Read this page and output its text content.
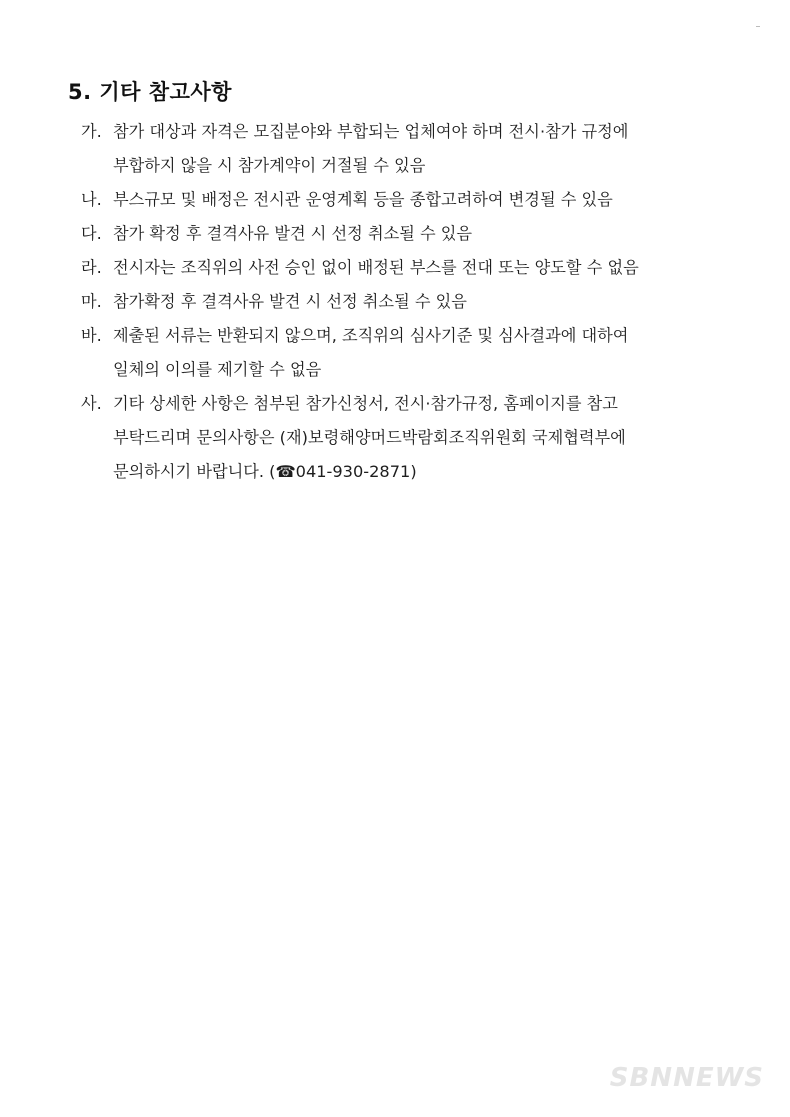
5. 기타 참고사항
가. 참가 대상과 자격은 모집분야와 부합되는 업체여야 하며 전시·참가 규정에
부합하지 않을 시 참가계약이 거절될 수 있음
나. 부스규모 및 배정은 전시관 운영계획 등을 종합고려하여 변경될 수 있음
다. 참가 확정 후 결격사유 발견 시 선정 취소될 수 있음
라. 전시자는 조직위의 사전 승인 없이 배정된 부스를 전대 또는 양도할 수 없음
마. 참가확정 후 결격사유 발견 시 선정 취소될 수 있음
바. 제출된 서류는 반환되지 않으며, 조직위의 심사기준 및 심사결과에 대하여
일체의 이의를 제기할 수 없음
사. 기타 상세한 사항은 첨부된 참가신청서, 전시·참가규정, 홈페이지를 참고
부탁드리며 문의사항은 (재)보령해양머드박람회조직위원회 국제협력부에
문의하시기 바랍니다. (☎041-930-2871)
SBNNEWS
